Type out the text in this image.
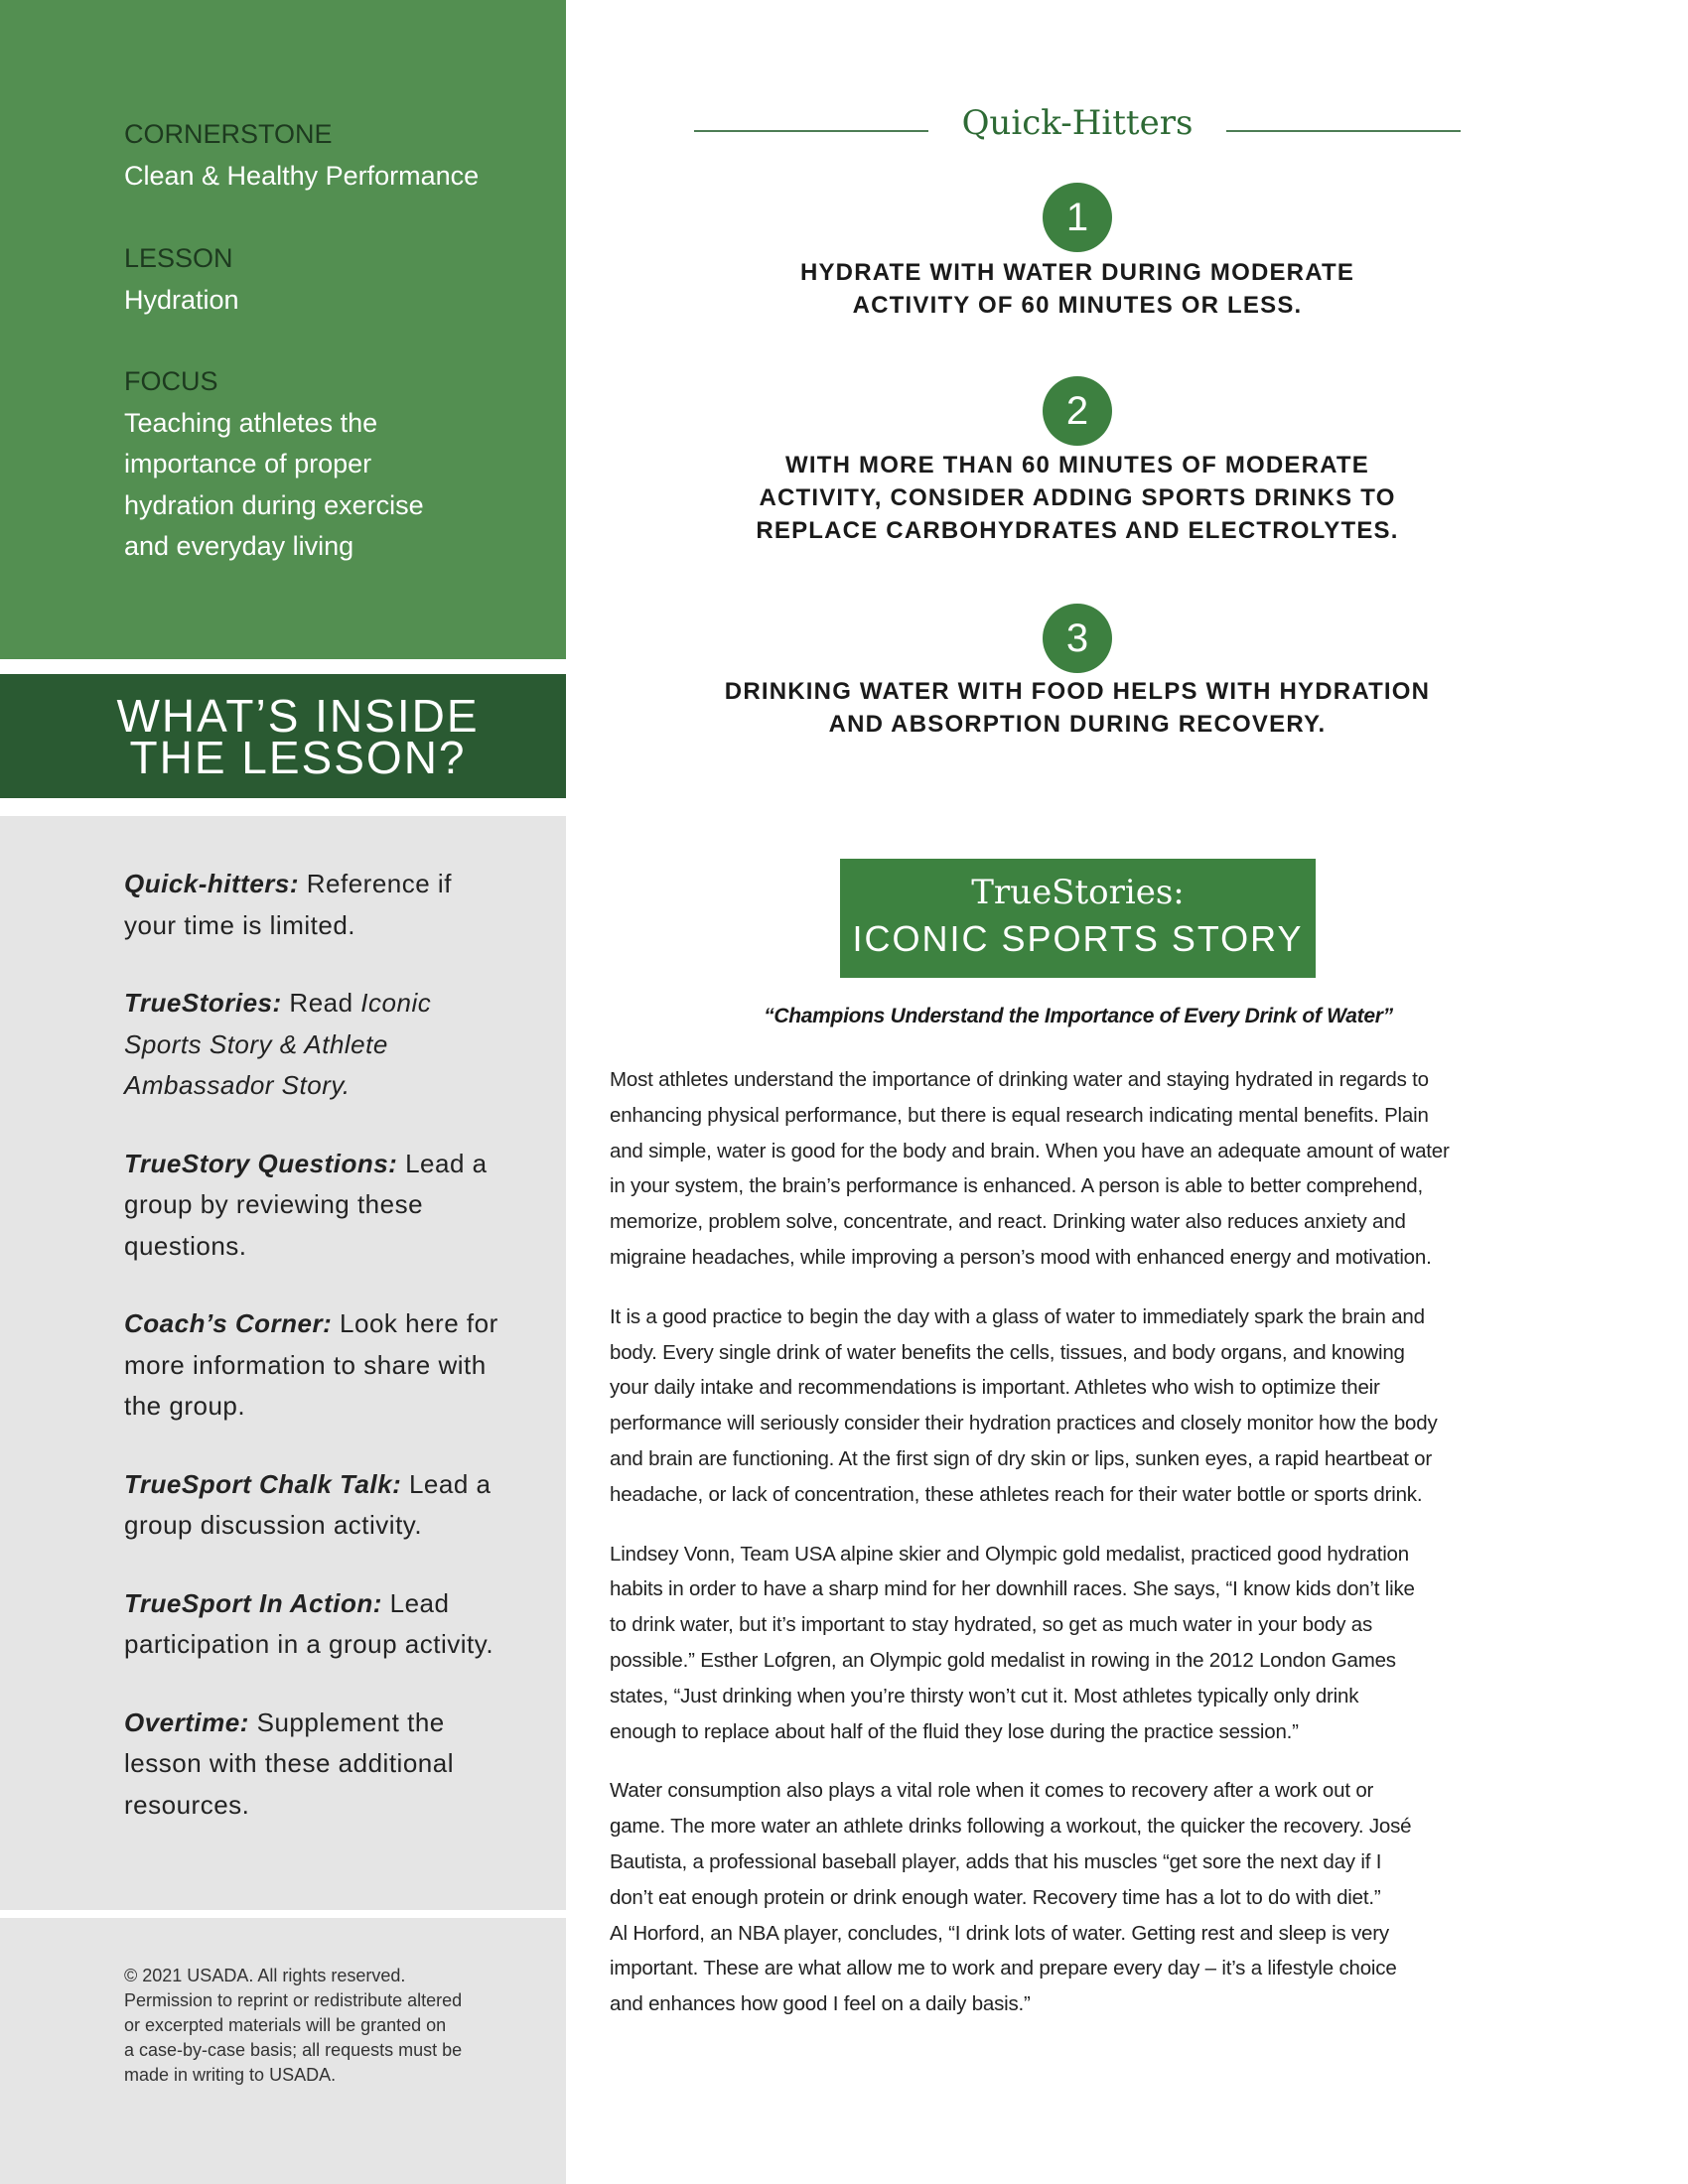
CORNERSTONE
Clean & Healthy Performance
LESSON
Hydration
FOCUS
Teaching athletes the
importance of proper
hydration during exercise
and everyday living
WHAT’S INSIDE
THE LESSON?
Quick-hitters: Reference if your time is limited.
TrueStories: Read Iconic Sports Story & Athlete Ambassador Story.
TrueStory Questions: Lead a group by reviewing these questions.
Coach’s Corner: Look here for more information to share with the group.
TrueSport Chalk Talk: Lead a group discussion activity.
TrueSport In Action: Lead participation in a group activity.
Overtime: Supplement the lesson with these additional resources.
© 2021 USADA. All rights reserved.
Permission to reprint or redistribute altered
or excerpted materials will be granted on
a case-by-case basis; all requests must be
made in writing to USADA.
Quick-Hitters
1
HYDRATE WITH WATER DURING MODERATE
ACTIVITY OF 60 MINUTES OR LESS.
2
WITH MORE THAN 60 MINUTES OF MODERATE
ACTIVITY, CONSIDER ADDING SPORTS DRINKS TO
REPLACE CARBOHYDRATES AND ELECTROLYTES.
3
DRINKING WATER WITH FOOD HELPS WITH HYDRATION
AND ABSORPTION DURING RECOVERY.
TrueStories:
ICONIC SPORTS STORY
“Champions Understand the Importance of Every Drink of Water”
Most athletes understand the importance of drinking water and staying hydrated in regards to
enhancing physical performance, but there is equal research indicating mental benefits. Plain
and simple, water is good for the body and brain. When you have an adequate amount of water
in your system, the brain’s performance is enhanced. A person is able to better comprehend,
memorize, problem solve, concentrate, and react. Drinking water also reduces anxiety and
migraine headaches, while improving a person’s mood with enhanced energy and motivation.
It is a good practice to begin the day with a glass of water to immediately spark the brain and
body. Every single drink of water benefits the cells, tissues, and body organs, and knowing
your daily intake and recommendations is important. Athletes who wish to optimize their
performance will seriously consider their hydration practices and closely monitor how the body
and brain are functioning. At the first sign of dry skin or lips, sunken eyes, a rapid heartbeat or
headache, or lack of concentration, these athletes reach for their water bottle or sports drink.
Lindsey Vonn, Team USA alpine skier and Olympic gold medalist, practiced good hydration
habits in order to have a sharp mind for her downhill races. She says, “I know kids don’t like
to drink water, but it’s important to stay hydrated, so get as much water in your body as
possible.” Esther Lofgren, an Olympic gold medalist in rowing in the 2012 London Games
states, “Just drinking when you’re thirsty won’t cut it. Most athletes typically only drink
enough to replace about half of the fluid they lose during the practice session.”
Water consumption also plays a vital role when it comes to recovery after a work out or
game. The more water an athlete drinks following a workout, the quicker the recovery. José
Bautista, a professional baseball player, adds that his muscles “get sore the next day if I
don’t eat enough protein or drink enough water. Recovery time has a lot to do with diet.”
Al Horford, an NBA player, concludes, “I drink lots of water. Getting rest and sleep is very
important. These are what allow me to work and prepare every day – it’s a lifestyle choice
and enhances how good I feel on a daily basis.”
